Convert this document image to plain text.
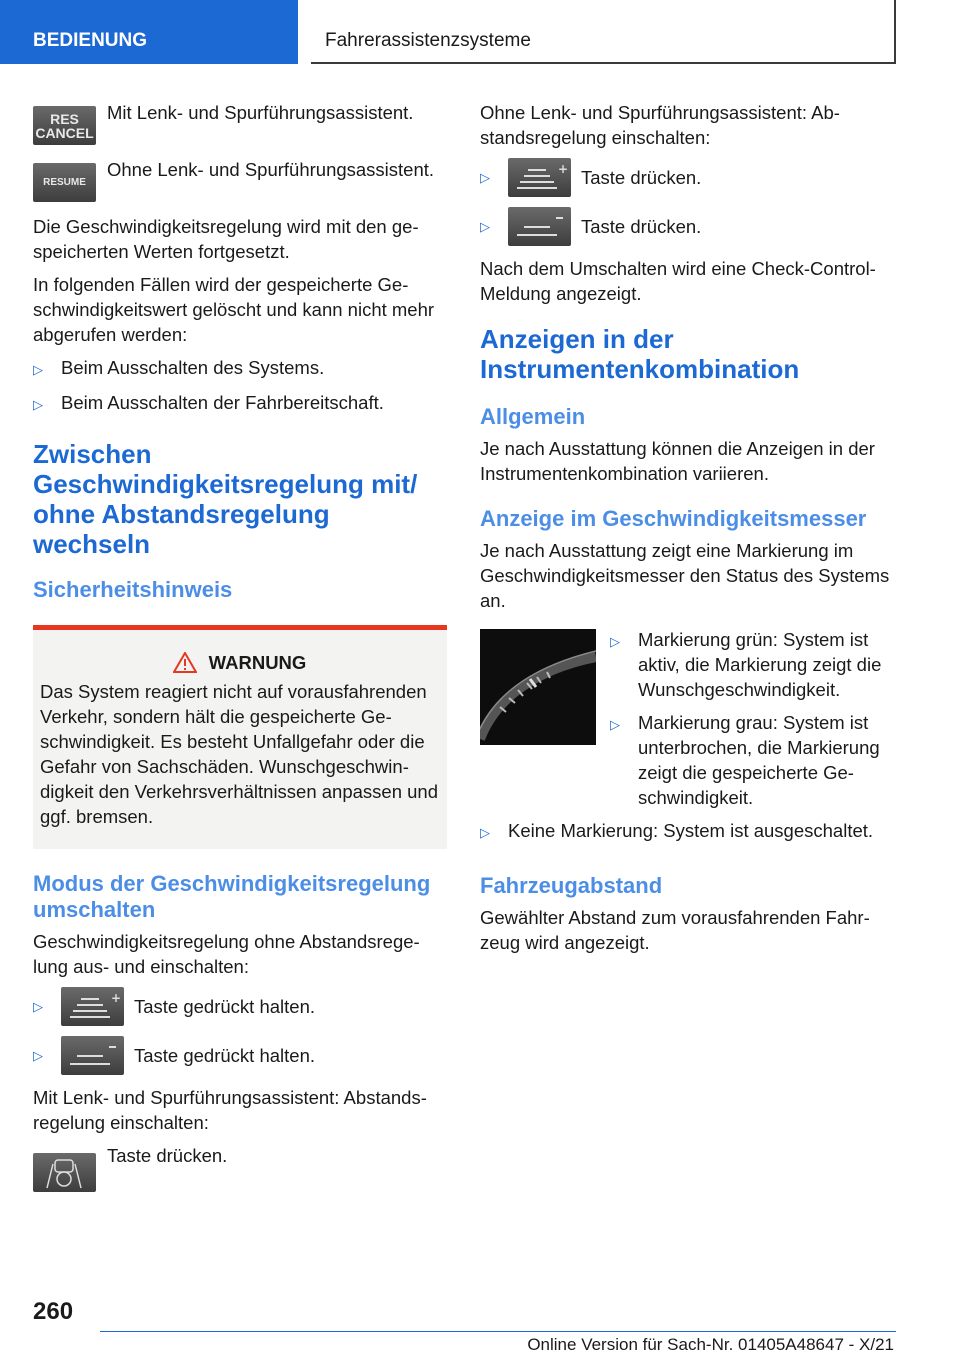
BEDIENUNG	Fahrerassistenzsysteme
RES CANCEL
Mit Lenk- und Spurführungsassistent.
RESUME
Ohne Lenk- und Spurführungsassistent.

Die Geschwindigkeitsregelung wird mit den gespeicherten Werten fortgesetzt.

In folgenden Fällen wird der gespeicherte Geschwindigkeitswert gelöscht und kann nicht mehr abgerufen werden:

▷ Beim Ausschalten des Systems.
▷ Beim Ausschalten der Fahrbereitschaft.
Zwischen Geschwindigkeitsregelung mit/ ohne Abstandsregelung wechseln
Sicherheitshinweis
WARNUNG
Das System reagiert nicht auf vorausfahrenden Verkehr, sondern hält die gespeicherte Geschwindigkeit. Es besteht Unfallgefahr oder die Gefahr von Sachschäden. Wunschgeschwindigkeit den Verkehrsverhältnissen anpassen und ggf. bremsen.
Modus der Geschwindigkeitsregelung umschalten

Geschwindigkeitsregelung ohne Abstandsregelung aus- und einschalten:

▷
+ Taste gedrückt halten.
▷	Taste gedrückt halten.

Mit Lenk- und Spurführungsassistent: Abstandsregelung einschalten:

Taste drücken.

Ohne Lenk- und Spurführungsassistent: Abstandsregelung einschalten:

▷
+ Taste drücken.
▷	Taste drücken.

Nach dem Umschalten wird eine Check-Control-Meldung angezeigt.

Anzeigen in der Instrumentenkombination
Allgemein

Je nach Ausstattung können die Anzeigen in der Instrumentenkombination variieren.

Anzeige im Geschwindigkeitsmesser

Je nach Ausstattung zeigt eine Markierung im Geschwindigkeitsmesser den Status des Systems an.

▷ Markierung grün: System ist aktiv, die Markierung zeigt die Wunschgeschwindigkeit.
▷ Markierung grau: System ist unterbrochen, die Markierung zeigt die gespeicherte Geschwindigkeit.
▷ Keine Markierung: System ist ausgeschaltet.
Fahrzeugabstand

Gewählter Abstand zum vorausfahrenden Fahrzeug wird angezeigt.

260
Online Version für Sach-Nr. 01405A48647 - X/21
